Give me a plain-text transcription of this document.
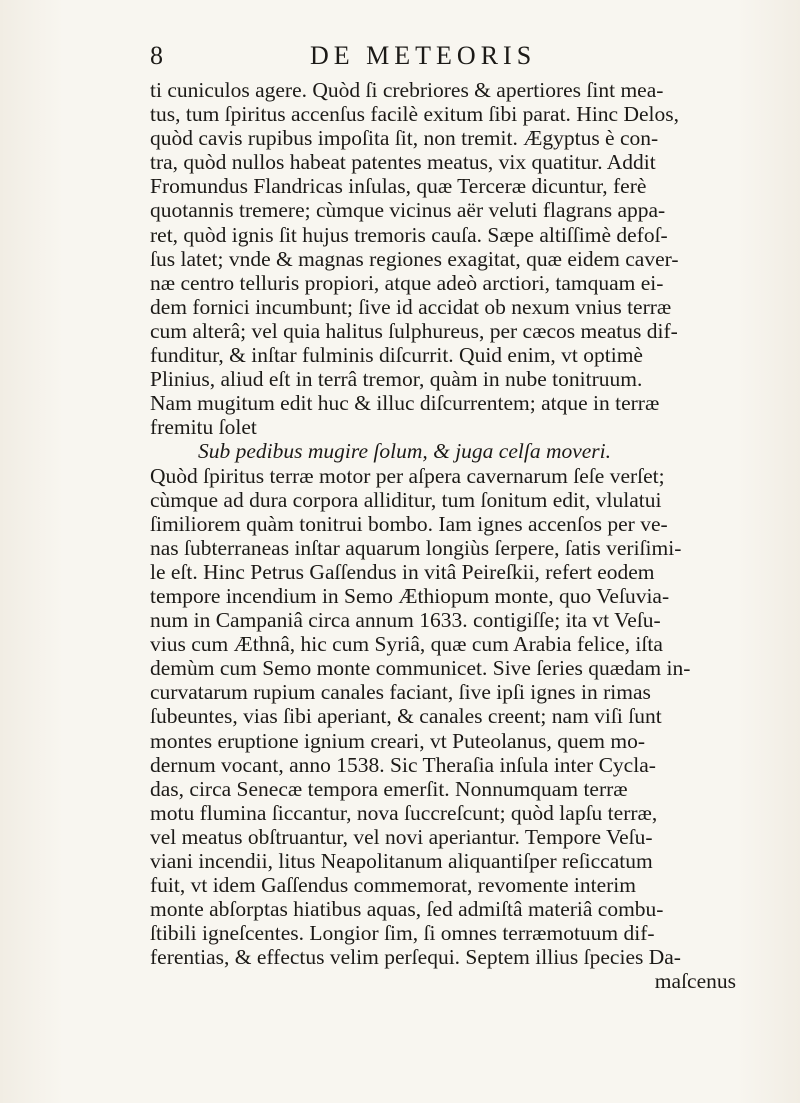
8	DE METEORIS
ti cuniculos agere. Quòd ſi crebriores & apertiores ſint mea-
tus, tum ſpiritus accenſus facilè exitum ſibi parat. Hinc Delos,
quòd cavis rupibus impoſita ſit, non tremit. Ægyptus è con-
tra, quòd nullos habeat patentes meatus, vix quatitur. Addit
Fromundus Flandricas inſulas, quæ Terceræ dicuntur, ferè
quotannis tremere; cùmque vicinus aër veluti flagrans appa-
ret, quòd ignis ſit hujus tremoris cauſa. Sæpe altiſſimè defoſ-
ſus latet; vnde & magnas regiones exagitat, quæ eidem caver-
næ centro telluris propiori, atque adeò arctiori, tamquam ei-
dem fornici incumbunt; ſive id accidat ob nexum vnius terræ
cum alterâ; vel quia halitus ſulphureus, per cæcos meatus dif-
funditur, & inſtar fulminis diſcurrit. Quid enim, vt optimè
Plinius, aliud eſt in terrâ tremor, quàm in nube tonitruum.
Nam mugitum edit huc & illuc diſcurrentem; atque in terræ
fremitu ſolet
Sub pedibus mugire ſolum, & juga celſa moveri.
Quòd ſpiritus terræ motor per aſpera cavernarum ſeſe verſet;
cùmque ad dura corpora alliditur, tum ſonitum edit, vlulatui
ſimiliorem quàm tonitrui bombo. Iam ignes accenſos per ve-
nas ſubterraneas inſtar aquarum longiùs ſerpere, ſatis veriſimi-
le eſt. Hinc Petrus Gaſſendus in vitâ Peireſkii, refert eodem
tempore incendium in Semo Æthiopum monte, quo Veſuvia-
num in Campaniâ circa annum 1633. contigiſſe; ita vt Veſu-
vius cum Æthnâ, hic cum Syriâ, quæ cum Arabia felice, iſta
demùm cum Semo monte communicet. Sive ſeries quædam in-
curvatarum rupium canales faciant, ſive ipſi ignes in rimas
ſubeuntes, vias ſibi aperiant, & canales creent; nam viſi ſunt
montes eruptione ignium creari, vt Puteolanus, quem mo-
dernum vocant, anno 1538. Sic Theraſia inſula inter Cycla-
das, circa Senecæ tempora emerſit. Nonnumquam terræ
motu flumina ſiccantur, nova ſuccreſcunt; quòd lapſu terræ,
vel meatus obſtruantur, vel novi aperiantur. Tempore Veſu-
viani incendii, litus Neapolitanum aliquantiſper reſiccatum
fuit, vt idem Gaſſendus commemorat, revomente interim
monte abſorptas hiatibus aquas, ſed admiſtâ materiâ combu-
ſtibili igneſcentes. Longior ſim, ſi omnes terræmotuum dif-
ferentias, & effectus velim perſequi. Septem illius ſpecies Da-
maſcenus
